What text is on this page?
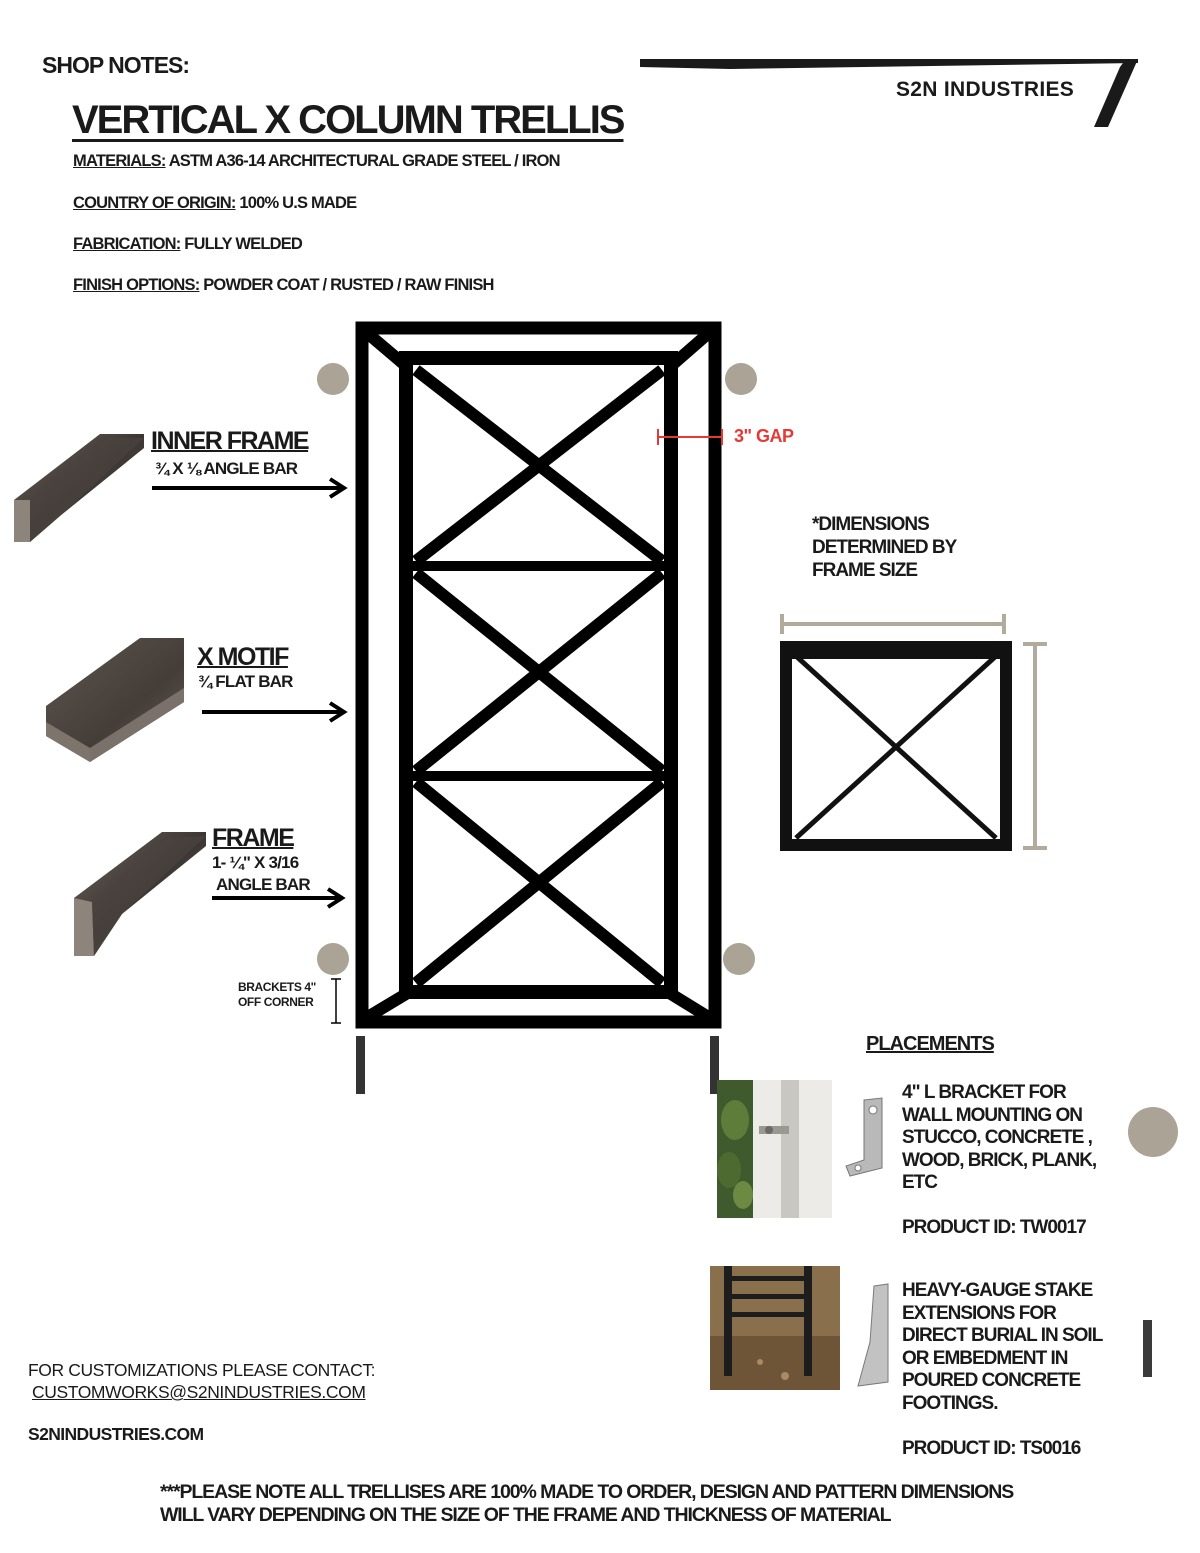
SHOP NOTES:
VERTICAL X COLUMN TRELLIS
MATERIALS: ASTM A36-14 ARCHITECTURAL GRADE STEEL / IRON
COUNTRY OF ORIGIN: 100% U.S MADE
FABRICATION: FULLY WELDED
FINISH OPTIONS: POWDER COAT / RUSTED / RAW FINISH
S2N INDUSTRIES
3" GAP
INNER FRAME
¾ X ⅛ ANGLE BAR
X MOTIF
¾ FLAT BAR
FRAME
1- ¼" X 3/16
ANGLE BAR
BRACKETS 4"
OFF CORNER
*DIMENSIONS
DETERMINED BY
FRAME SIZE
PLACEMENTS
4" L BRACKET FOR
WALL MOUNTING ON
STUCCO, CONCRETE ,
WOOD, BRICK, PLANK,
ETC
PRODUCT ID: TW0017
HEAVY-GAUGE STAKE
EXTENSIONS FOR
DIRECT BURIAL IN SOIL
OR EMBEDMENT IN
POURED CONCRETE
FOOTINGS.
PRODUCT ID: TS0016
FOR CUSTOMIZATIONS PLEASE CONTACT:
CUSTOMWORKS@S2NINDUSTRIES.COM
S2NINDUSTRIES.COM
***PLEASE NOTE ALL TRELLISES ARE 100% MADE TO ORDER, DESIGN AND PATTERN DIMENSIONS
WILL VARY DEPENDING ON THE SIZE OF THE FRAME AND THICKNESS OF MATERIAL
